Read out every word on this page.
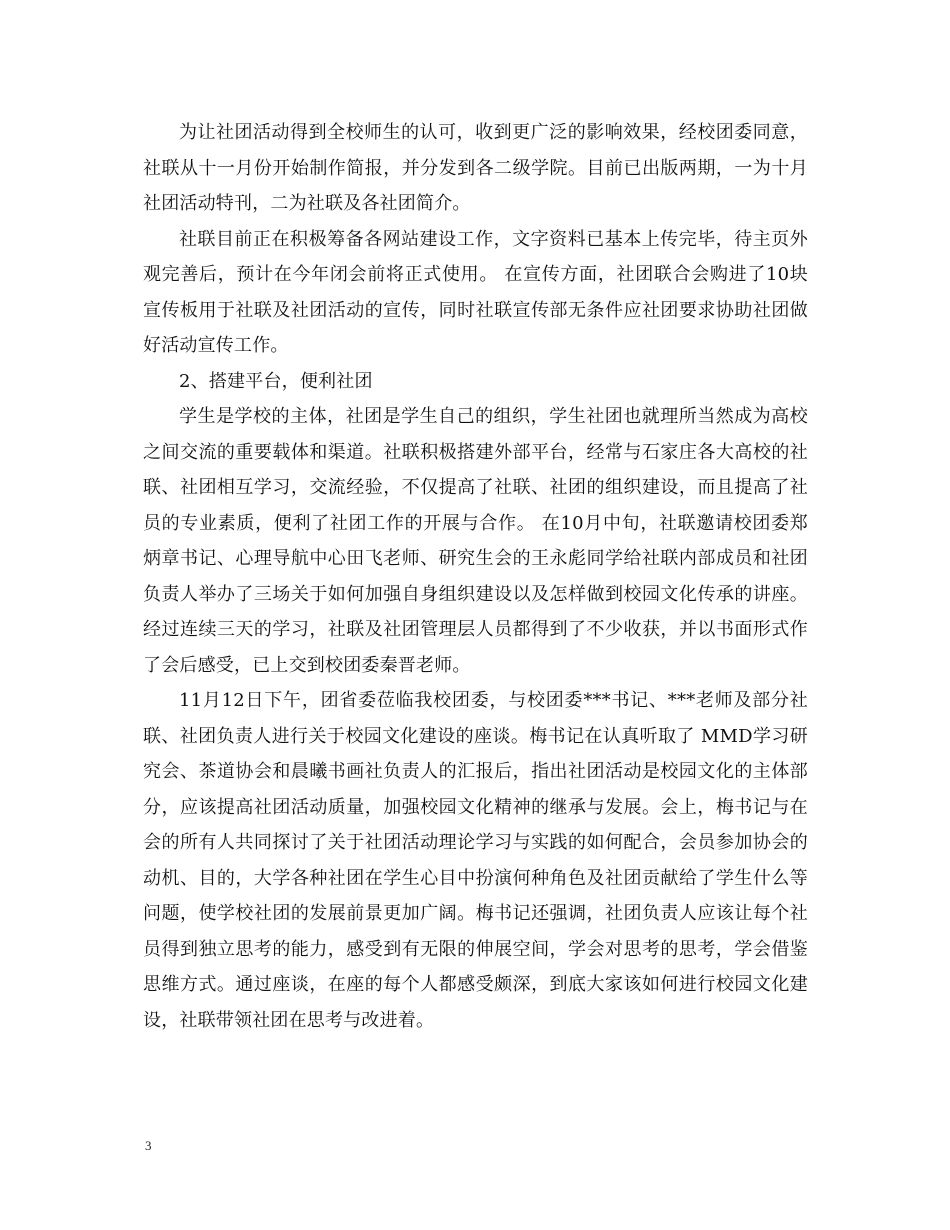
为让社团活动得到全校师生的认可，收到更广泛的影响效果，经校团委同意，社联从十一月份开始制作简报，并分发到各二级学院。目前已出版两期，一为十月社团活动特刊，二为社联及各社团简介。

社联目前正在积极筹备各网站建设工作，文字资料已基本上传完毕，待主页外观完善后，预计在今年闭会前将正式使用。 在宣传方面，社团联合会购进了10块宣传板用于社联及社团活动的宣传，同时社联宣传部无条件应社团要求协助社团做好活动宣传工作。

2、搭建平台，便利社团

学生是学校的主体，社团是学生自己的组织，学生社团也就理所当然成为高校之间交流的重要载体和渠道。社联积极搭建外部平台，经常与石家庄各大高校的社联、社团相互学习，交流经验，不仅提高了社联、社团的组织建设，而且提高了社员的专业素质，便利了社团工作的开展与合作。 在10月中旬，社联邀请校团委郑炳章书记、心理导航中心田飞老师、研究生会的王永彪同学给社联内部成员和社团负责人举办了三场关于如何加强自身组织建设以及怎样做到校园文化传承的讲座。经过连续三天的学习，社联及社团管理层人员都得到了不少收获，并以书面形式作了会后感受，已上交到校团委秦晋老师。

11月12日下午，团省委莅临我校团委，与校团委***书记、***老师及部分社联、社团负责人进行关于校园文化建设的座谈。梅书记在认真听取了 MMD学习研究会、茶道协会和晨曦书画社负责人的汇报后，指出社团活动是校园文化的主体部分，应该提高社团活动质量，加强校园文化精神的继承与发展。会上，梅书记与在会的所有人共同探讨了关于社团活动理论学习与实践的如何配合，会员参加协会的动机、目的，大学各种社团在学生心目中扮演何种角色及社团贡献给了学生什么等问题，使学校社团的发展前景更加广阔。梅书记还强调，社团负责人应该让每个社员得到独立思考的能力，感受到有无限的伸展空间，学会对思考的思考，学会借鉴思维方式。通过座谈，在座的每个人都感受颇深，到底大家该如何进行校园文化建设，社联带领社团在思考与改进着。

3
